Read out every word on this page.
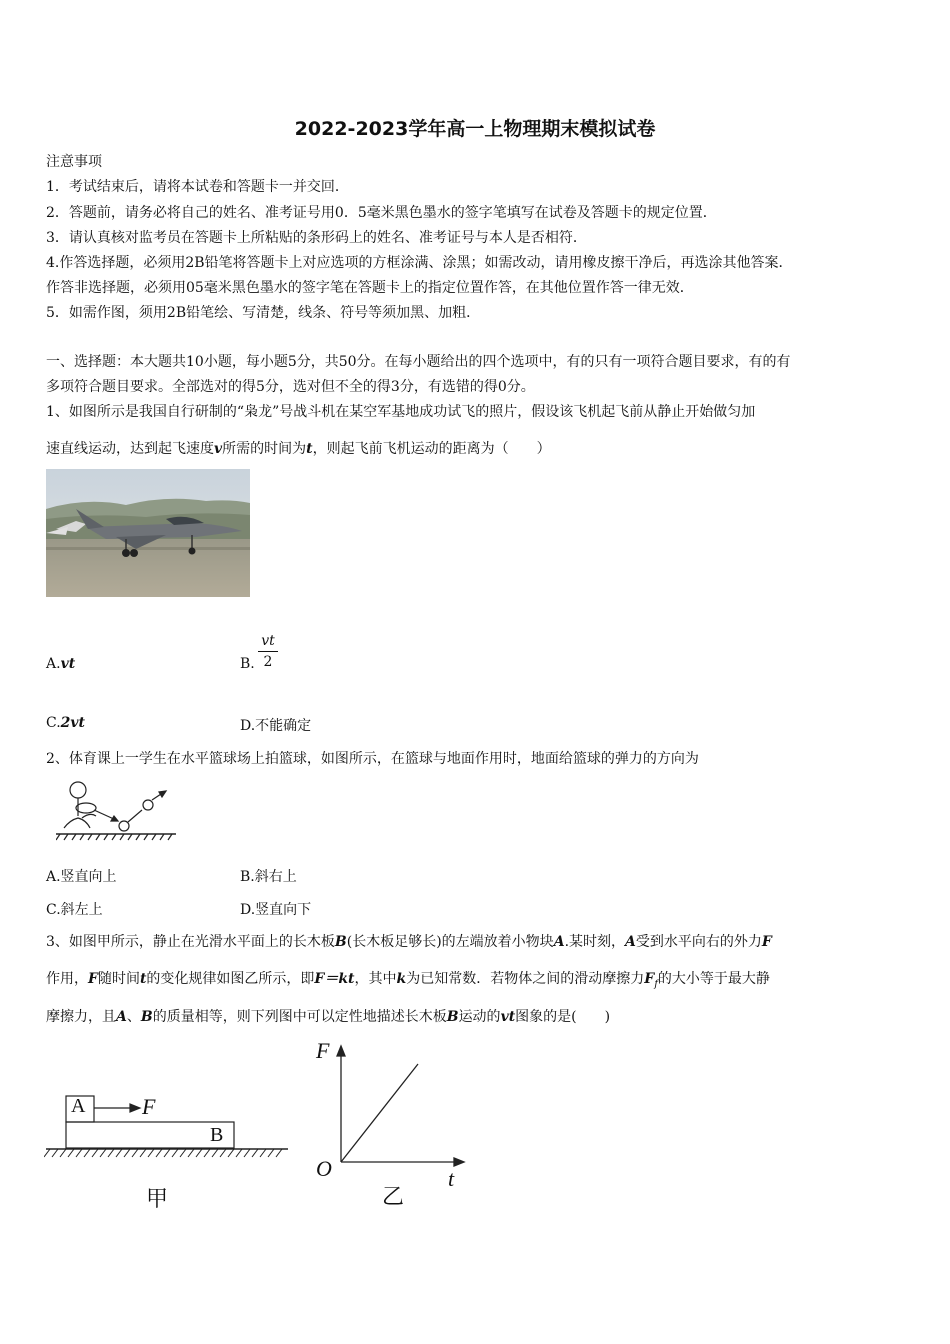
2022-2023学年高一上物理期末模拟试卷
注意事项
1．考试结束后，请将本试卷和答题卡一并交回．
2．答题前，请务必将自己的姓名、准考证号用0．5毫米黑色墨水的签字笔填写在试卷及答题卡的规定位置．
3．请认真核对监考员在答题卡上所粘贴的条形码上的姓名、准考证号与本人是否相符．
4.作答选择题，必须用2B铅笔将答题卡上对应选项的方框涂满、涂黑；如需改动，请用橡皮擦干净后，再选涂其他答案．
作答非选择题，必须用05毫米黑色墨水的签字笔在答题卡上的指定位置作答，在其他位置作答一律无效．
5．如需作图，须用2B铅笔绘、写清楚，线条、符号等须加黑、加粗．
一、选择题：本大题共10小题，每小题5分，共50分。在每小题给出的四个选项中，有的只有一项符合题目要求，有的有
多项符合题目要求。全部选对的得5分，选对但不全的得3分，有选错的得0分。
1、如图所示是我国自行研制的“枭龙”号战斗机在某空军基地成功试飞的照片，假设该飞机起飞前从静止开始做匀加
速直线运动，达到起飞速度v所需的时间为t，则起飞前飞机运动的距离为（　　）
A.vt	B.
vt
2
C.2vt	D.不能确定
2、体育课上一学生在水平篮球场上拍篮球，如图所示，在篮球与地面作用时，地面给篮球的弹力的方向为
A.竖直向上	B.斜右上
C.斜左上	D.竖直向下
3、如图甲所示，静止在光滑水平面上的长木板B(长木板足够长)的左端放着小物块A.某时刻，A受到水平向右的外力F
作用，F随时间t的变化规律如图乙所示，即F＝kt，其中k为已知常数．若物体之间的滑动摩擦力$F_f$的大小等于最大静
摩擦力，且A、B的质量相等，则下列图中可以定性地描述长木板B运动的vt图象的是(　　)
A
B
F
甲
F
t
O
乙
